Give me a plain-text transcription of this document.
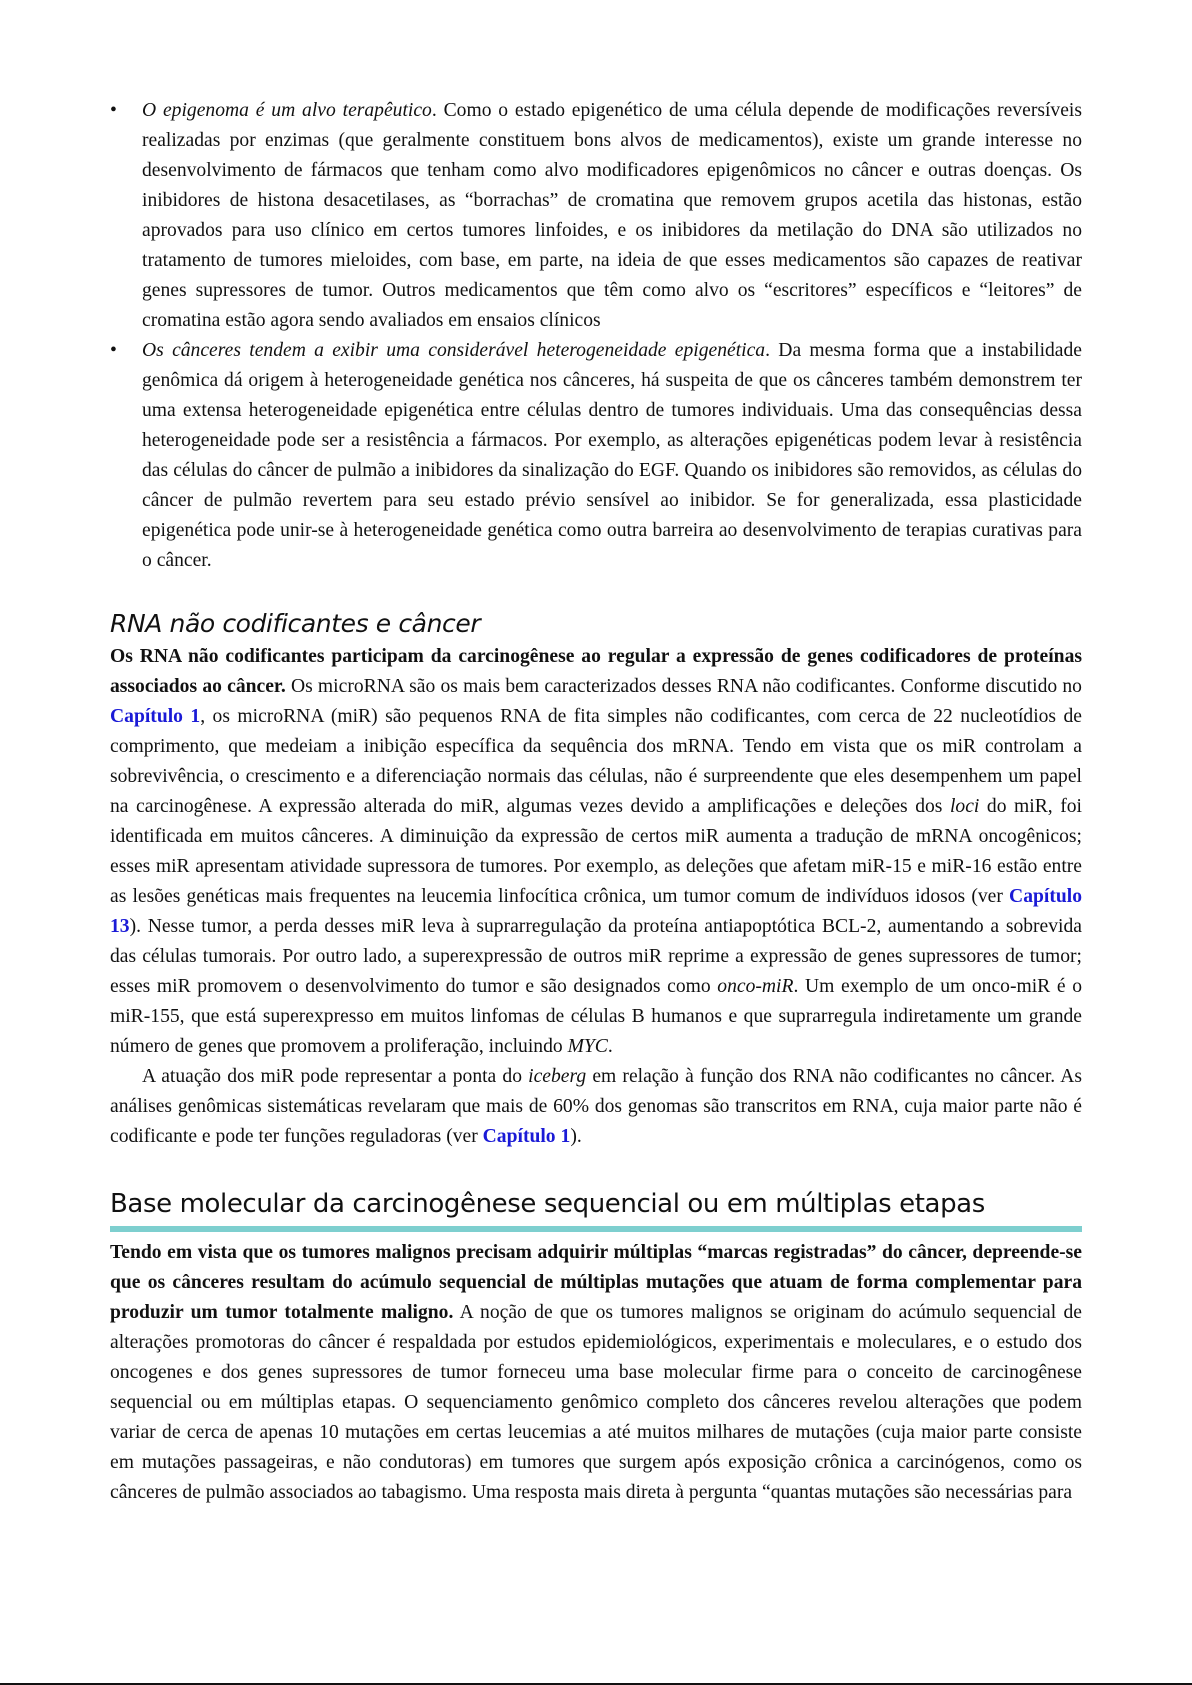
• O epigenoma é um alvo terapêutico. Como o estado epigenético de uma célula depende de modificações reversíveis realizadas por enzimas (que geralmente constituem bons alvos de medicamentos), existe um grande interesse no desenvolvimento de fármacos que tenham como alvo modificadores epigenômicos no câncer e outras doenças. Os inibidores de histona desacetilases, as “borrachas” de cromatina que removem grupos acetila das histonas, estão aprovados para uso clínico em certos tumores linfoides, e os inibidores da metilação do DNA são utilizados no tratamento de tumores mieloides, com base, em parte, na ideia de que esses medicamentos são capazes de reativar genes supressores de tumor. Outros medicamentos que têm como alvo os “escritores” específicos e “leitores” de cromatina estão agora sendo avaliados em ensaios clínicos
• Os cânceres tendem a exibir uma considerável heterogeneidade epigenética. Da mesma forma que a instabilidade genômica dá origem à heterogeneidade genética nos cânceres, há suspeita de que os cânceres também demonstrem ter uma extensa heterogeneidade epigenética entre células dentro de tumores individuais. Uma das consequências dessa heterogeneidade pode ser a resistência a fármacos. Por exemplo, as alterações epigenéticas podem levar à resistência das células do câncer de pulmão a inibidores da sinalização do EGF. Quando os inibidores são removidos, as células do câncer de pulmão revertem para seu estado prévio sensível ao inibidor. Se for generalizada, essa plasticidade epigenética pode unir-se à heterogeneidade genética como outra barreira ao desenvolvimento de terapias curativas para o câncer.
RNA não codificantes e câncer

Os RNA não codificantes participam da carcinogênese ao regular a expressão de genes codificadores de proteínas associados ao câncer. Os microRNA são os mais bem caracterizados desses RNA não codificantes. Conforme discutido no Capítulo 1, os microRNA (miR) são pequenos RNA de fita simples não codificantes, com cerca de 22 nucleotídios de comprimento, que medeiam a inibição específica da sequência dos mRNA. Tendo em vista que os miR controlam a sobrevivência, o crescimento e a diferenciação normais das células, não é surpreendente que eles desempenhem um papel na carcinogênese. A expressão alterada do miR, algumas vezes devido a amplificações e deleções dos loci do miR, foi identificada em muitos cânceres. A diminuição da expressão de certos miR aumenta a tradução de mRNA oncogênicos; esses miR apresentam atividade supressora de tumores. Por exemplo, as deleções que afetam miR-15 e miR-16 estão entre as lesões genéticas mais frequentes na leucemia linfocítica crônica, um tumor comum de indivíduos idosos (ver Capítulo 13). Nesse tumor, a perda desses miR leva à suprarregulação da proteína antiapoptótica BCL-2, aumentando a sobrevida das células tumorais. Por outro lado, a superexpressão de outros miR reprime a expressão de genes supressores de tumor; esses miR promovem o desenvolvimento do tumor e são designados como onco-miR. Um exemplo de um onco-miR é o miR-155, que está superexpresso em muitos linfomas de células B humanos e que suprarregula indiretamente um grande número de genes que promovem a proliferação, incluindo MYC.

A atuação dos miR pode representar a ponta do iceberg em relação à função dos RNA não codificantes no câncer. As análises genômicas sistemáticas revelaram que mais de 60% dos genomas são transcritos em RNA, cuja maior parte não é codificante e pode ter funções reguladoras (ver Capítulo 1).

Base molecular da carcinogênese sequencial ou em múltiplas etapas

Tendo em vista que os tumores malignos precisam adquirir múltiplas “marcas registradas” do câncer, depreende-se que os cânceres resultam do acúmulo sequencial de múltiplas mutações que atuam de forma complementar para produzir um tumor totalmente maligno. A noção de que os tumores malignos se originam do acúmulo sequencial de alterações promotoras do câncer é respaldada por estudos epidemiológicos, experimentais e moleculares, e o estudo dos oncogenes e dos genes supressores de tumor forneceu uma base molecular firme para o conceito de carcinogênese sequencial ou em múltiplas etapas. O sequenciamento genômico completo dos cânceres revelou alterações que podem variar de cerca de apenas 10 mutações em certas leucemias a até muitos milhares de mutações (cuja maior parte consiste em mutações passageiras, e não condutoras) em tumores que surgem após exposição crônica a carcinógenos, como os cânceres de pulmão associados ao tabagismo. Uma resposta mais direta à pergunta “quantas mutações são necessárias para
